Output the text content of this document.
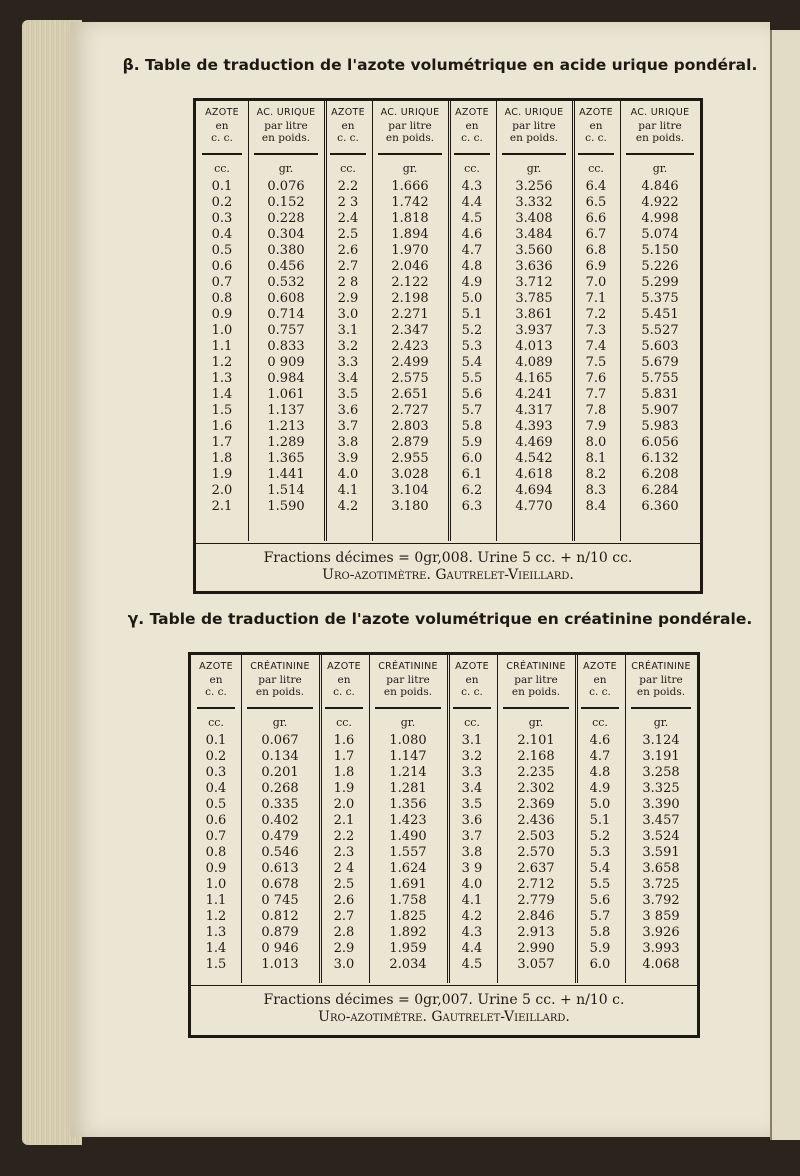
β. Table de traduction de l'azote volumétrique en acide urique pondéral.
AZOTE
en
c. c.
cc.
0.1
0.2
0.3
0.4
0.5
0.6
0.7
0.8
0.9
1.0
1.1
1.2
1.3
1.4
1.5
1.6
1.7
1.8
1.9
2.0
2.1
AC. URIQUE
par litre
en poids.
gr.
0.076
0.152
0.228
0.304
0.380
0.456
0.532
0.608
0.714
0.757
0.833
0 909
0.984
1.061
1.137
1.213
1.289
1.365
1.441
1.514
1.590
AZOTE
en
c. c.
cc.
2.2
2 3
2.4
2.5
2.6
2.7
2 8
2.9
3.0
3.1
3.2
3.3
3.4
3.5
3.6
3.7
3.8
3.9
4.0
4.1
4.2
AC. URIQUE
par litre
en poids.
gr.
1.666
1.742
1.818
1.894
1.970
2.046
2.122
2.198
2.271
2.347
2.423
2.499
2.575
2.651
2.727
2.803
2.879
2.955
3.028
3.104
3.180
AZOTE
en
c. c.
cc.
4.3
4.4
4.5
4.6
4.7
4.8
4.9
5.0
5.1
5.2
5.3
5.4
5.5
5.6
5.7
5.8
5.9
6.0
6.1
6.2
6.3
AC. URIQUE
par litre
en poids.
gr.
3.256
3.332
3.408
3.484
3.560
3.636
3.712
3.785
3.861
3.937
4.013
4.089
4.165
4.241
4.317
4.393
4.469
4.542
4.618
4.694
4.770
AZOTE
en
c. c.
cc.
6.4
6.5
6.6
6.7
6.8
6.9
7.0
7.1
7.2
7.3
7.4
7.5
7.6
7.7
7.8
7.9
8.0
8.1
8.2
8.3
8.4
AC. URIQUE
par litre
en poids.
gr.
4.846
4.922
4.998
5.074
5.150
5.226
5.299
5.375
5.451
5.527
5.603
5.679
5.755
5.831
5.907
5.983
6.056
6.132
6.208
6.284
6.360
Fractions décimes = 0gr,008. Urine 5 cc. + n/10 cc.
Uro-azotimètre. Gautrelet-Vieillard.
γ. Table de traduction de l'azote volumétrique en créatinine pondérale.
AZOTE
en
c. c.
cc.
0.1
0.2
0.3
0.4
0.5
0.6
0.7
0.8
0.9
1.0
1.1
1.2
1.3
1.4
1.5
CRÉATININE
par litre
en poids.
gr.
0.067
0.134
0.201
0.268
0.335
0.402
0.479
0.546
0.613
0.678
0 745
0.812
0.879
0 946
1.013
AZOTE
en
c. c.
cc.
1.6
1.7
1.8
1.9
2.0
2.1
2.2
2.3
2 4
2.5
2.6
2.7
2.8
2.9
3.0
CRÉATININE
par litre
en poids.
gr.
1.080
1.147
1.214
1.281
1.356
1.423
1.490
1.557
1.624
1.691
1.758
1.825
1.892
1.959
2.034
AZOTE
en
c. c.
cc.
3.1
3.2
3.3
3.4
3.5
3.6
3.7
3.8
3 9
4.0
4.1
4.2
4.3
4.4
4.5
CRÉATININE
par litre
en poids.
gr.
2.101
2.168
2.235
2.302
2.369
2.436
2.503
2.570
2.637
2.712
2.779
2.846
2.913
2.990
3.057
AZOTE
en
c. c.
cc.
4.6
4.7
4.8
4.9
5.0
5.1
5.2
5.3
5.4
5.5
5.6
5.7
5.8
5.9
6.0
CRÉATININE
par litre
en poids.
gr.
3.124
3.191
3.258
3.325
3.390
3.457
3.524
3.591
3.658
3.725
3.792
3 859
3.926
3.993
4.068
Fractions décimes = 0gr,007. Urine 5 cc. + n/10 c.
Uro-azotimètre. Gautrelet-Vieillard.
